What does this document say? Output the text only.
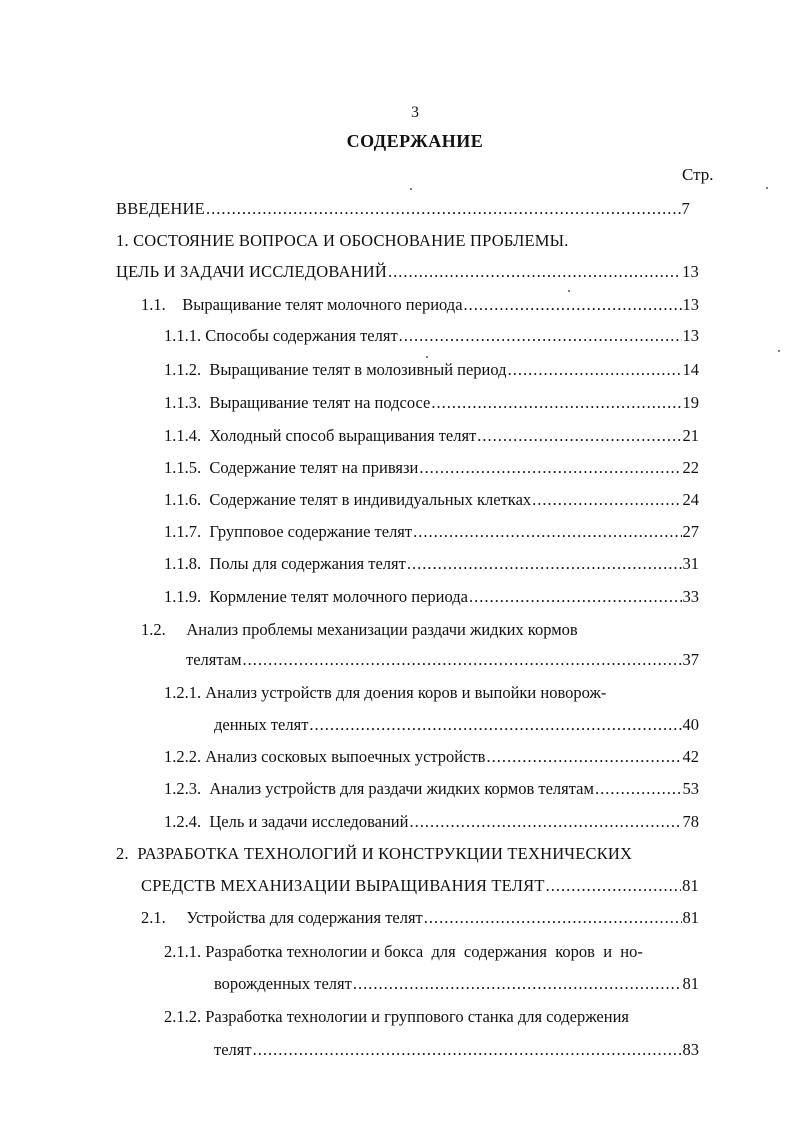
3
СОДЕРЖАНИЕ
Стр.
ВВЕДЕНИЕ .....	7
1. СОСТОЯНИЕ ВОПРОСА И ОБОСНОВАНИЕ ПРОБЛЕМЫ.
ЦЕЛЬ И ЗАДАЧИ ИССЛЕДОВАНИЙ .....	13
1.1.    Выращивание телят молочного периода .....	13
1.1.1. Способы содержания телят .....	13
1.1.2.  Выращивание телят в молозивный период .....	14
1.1.3.  Выращивание телят на подсосе .....	19
1.1.4.  Холодный способ выращивания телят .....	21
1.1.5.  Содержание телят на привязи .....	22
1.1.6.  Содержание телят в индивидуальных клетках .....	24
1.1.7.  Групповое содержание телят .....	27
1.1.8.  Полы для содержания телят .....	31
1.1.9.  Кормление телят молочного периода .....	33
1.2.     Анализ проблемы механизации раздачи жидких кормов
телятам .....	37
1.2.1. Анализ устройств для доения коров и выпойки новорож-
денных телят .....	40
1.2.2. Анализ сосковых выпоечных устройств .....	42
1.2.3.  Анализ устройств для раздачи жидких кормов телятам .....	53
1.2.4.  Цель и задачи исследований .....	78
2.  РАЗРАБОТКА ТЕХНОЛОГИЙ И КОНСТРУКЦИИ ТЕХНИЧЕСКИХ
СРЕДСТВ МЕХАНИЗАЦИИ ВЫРАЩИВАНИЯ ТЕЛЯТ .....	81
2.1.     Устройства для содержания телят .....	81
2.1.1. Разработка технологии и бокса  для  содержания  коров  и  но-
ворожденных телят .....	81
2.1.2. Разработка технологии и группового станка для содержения
телят .....	83
